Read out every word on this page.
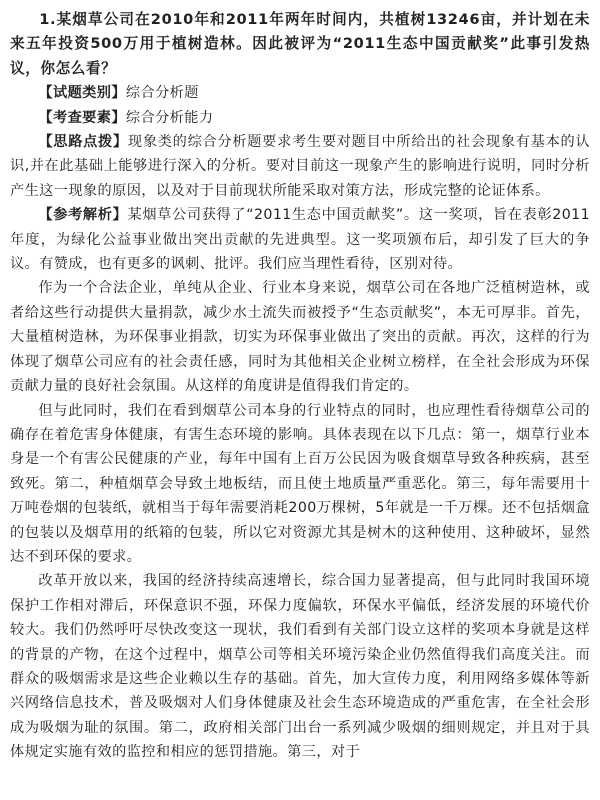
1.某烟草公司在2010年和2011年两年时间内，共植树13246亩，并计划在未来五年投资500万用于植树造林。因此被评为“2011生态中国贡献奖”此事引发热议，你怎么看？

【试题类别】综合分析题

【考查要素】综合分析能力

【思路点拨】现象类的综合分析题要求考生要对题目中所给出的社会现象有基本的认识,并在此基础上能够进行深入的分析。要对目前这一现象产生的影响进行说明，同时分析产生这一现象的原因，以及对于目前现状所能采取对策方法，形成完整的论证体系。

【参考解析】某烟草公司获得了“2011生态中国贡献奖”。这一奖项，旨在表彰2011年度，为绿化公益事业做出突出贡献的先进典型。这一奖项颁布后，却引发了巨大的争议。有赞成，也有更多的讽刺、批评。我们应当理性看待，区别对待。

作为一个合法企业，单纯从企业、行业本身来说，烟草公司在各地广泛植树造林，或者给这些行动提供大量捐款，减少水土流失而被授予“生态贡献奖”，本无可厚非。首先，大量植树造林，为环保事业捐款，切实为环保事业做出了突出的贡献。再次，这样的行为体现了烟草公司应有的社会责任感，同时为其他相关企业树立榜样，在全社会形成为环保贡献力量的良好社会氛围。从这样的角度讲是值得我们肯定的。

但与此同时，我们在看到烟草公司本身的行业特点的同时，也应理性看待烟草公司的确存在着危害身体健康，有害生态环境的影响。具体表现在以下几点：第一，烟草行业本身是一个有害公民健康的产业，每年中国有上百万公民因为吸食烟草导致各种疾病，甚至致死。第二，种植烟草会导致土地板结，而且使土地质量严重恶化。第三，每年需要用十万吨卷烟的包装纸，就相当于每年需要消耗200万棵树，5年就是一千万棵。还不包括烟盒的包装以及烟草用的纸箱的包装，所以它对资源尤其是树木的这种使用、这种破坏，显然达不到环保的要求。

改革开放以来，我国的经济持续高速增长，综合国力显著提高，但与此同时我国环境保护工作相对滞后，环保意识不强，环保力度偏软，环保水平偏低，经济发展的环境代价较大。我们仍然呼吁尽快改变这一现状，我们看到有关部门设立这样的奖项本身就是这样的背景的产物，在这个过程中，烟草公司等相关环境污染企业仍然值得我们高度关注。而群众的吸烟需求是这些企业赖以生存的基础。首先，加大宣传力度，利用网络多媒体等新兴网络信息技术，普及吸烟对人们身体健康及社会生态环境造成的严重危害，在全社会形成为吸烟为耻的氛围。第二，政府相关部门出台一系列减少吸烟的细则规定，并且对于具体规定实施有效的监控和相应的惩罚措施。第三，对于
